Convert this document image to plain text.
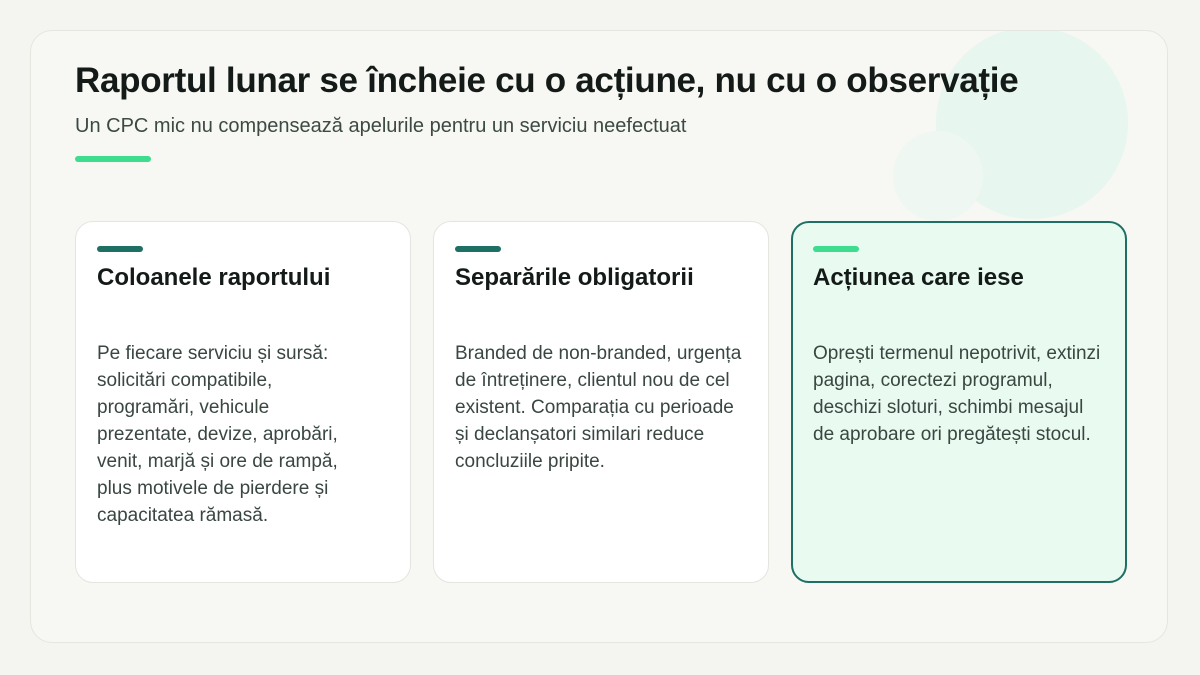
Raportul lunar se încheie cu o acțiune, nu cu o observație

Un CPC mic nu compensează apelurile pentru un serviciu neefectuat

Coloanele raportului

Pe fiecare serviciu și sursă: solicitări compatibile, programări, vehicule prezentate, devize, aprobări, venit, marjă și ore de rampă, plus motivele de pierdere și capacitatea rămasă.

Separările obligatorii

Branded de non-branded, urgența de întreținere, clientul nou de cel existent. Comparația cu perioade și declanșatori similari reduce concluziile pripite.

Acțiunea care iese

Oprești termenul nepotrivit, extinzi pagina, corectezi programul, deschizi sloturi, schimbi mesajul de aprobare ori pregătești stocul.
